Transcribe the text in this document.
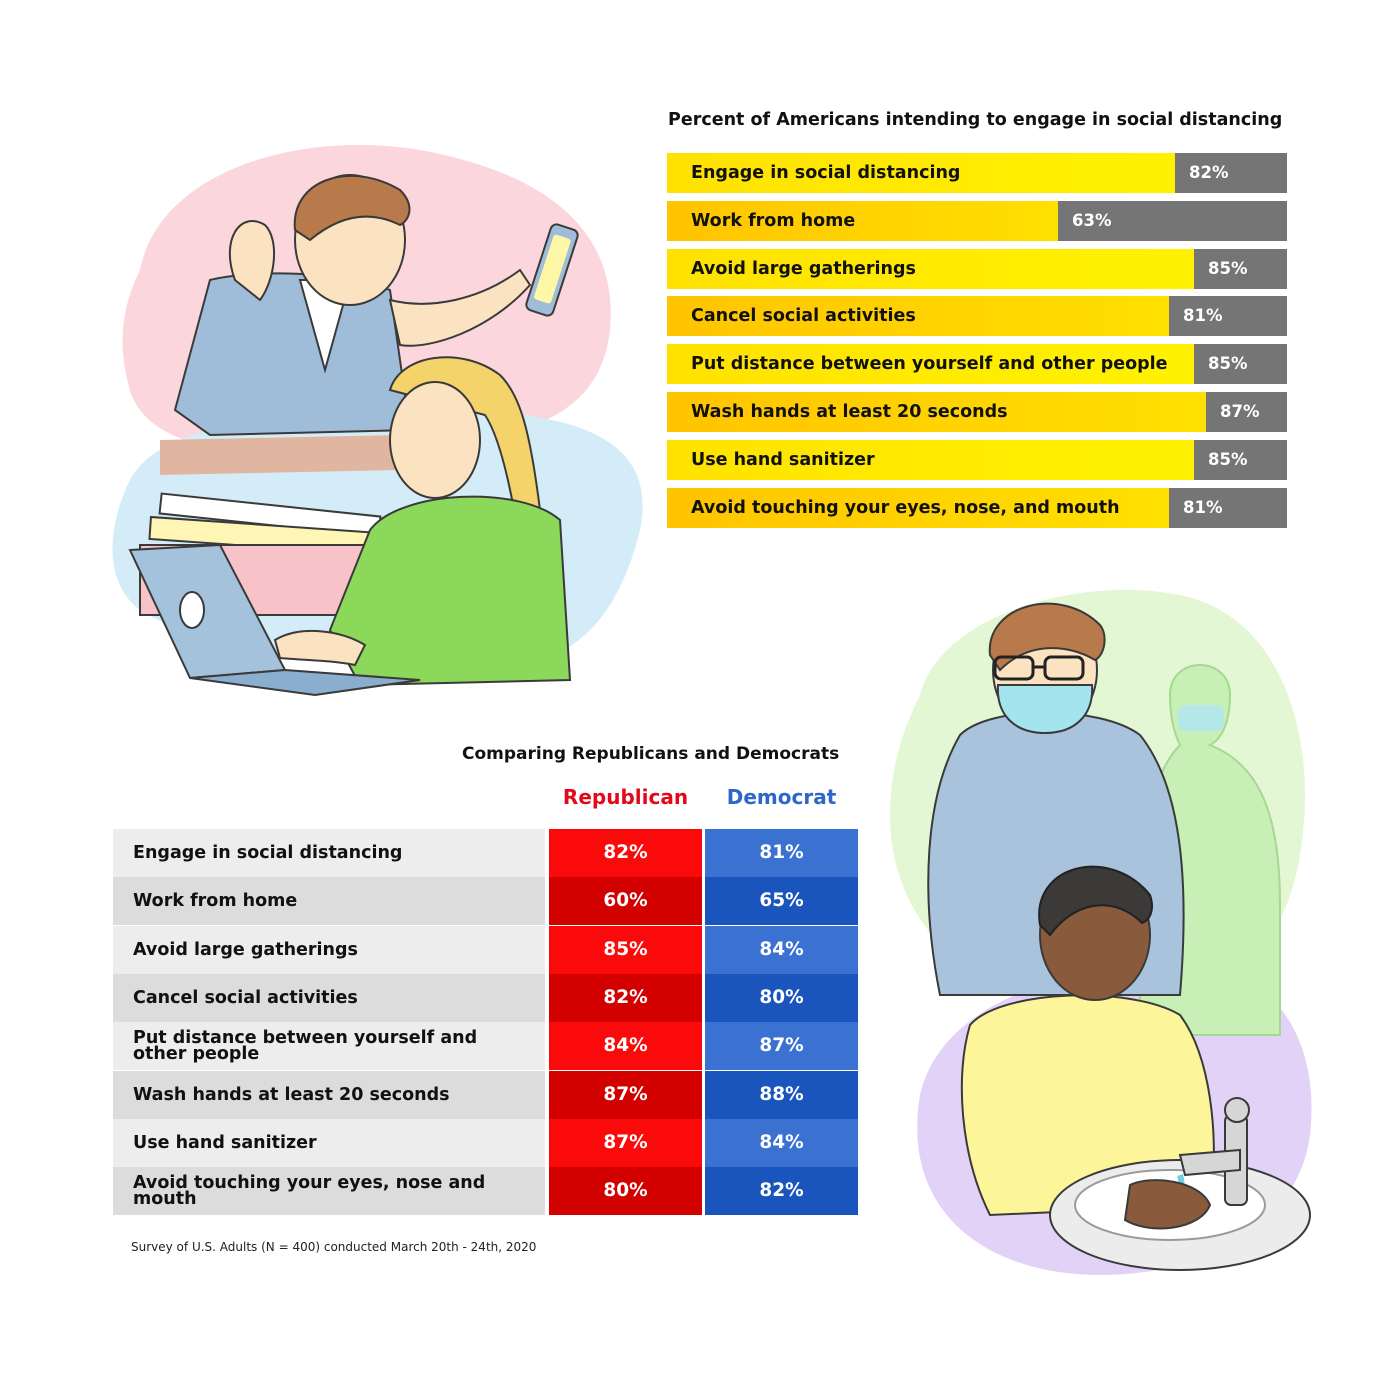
Percent of Americans intending to engage in social distancing
Engage in social distancing	82%
Work from home	63%
Avoid large gatherings	85%
Cancel social activities	81%
Put distance between yourself and other people 85%
Wash hands at least 20 seconds	87%
Use hand sanitizer	85%
Avoid touching your eyes, nose, and mouth	81%
Comparing Republicans and Democrats
Republican	Democrat
Engage in social distancing	82%	81%
Work from home	60%	65%
Avoid large gatherings	85%	84%
Cancel social activities	82%	80%
Put distance between yourself and other people	84%	87%
Wash hands at least 20 seconds	87%	88%
Use hand sanitizer	87%	84%
Avoid touching your eyes, nose and mouth	80%	82%
Survey of U.S. Adults (N = 400) conducted March 20th - 24th, 2020
